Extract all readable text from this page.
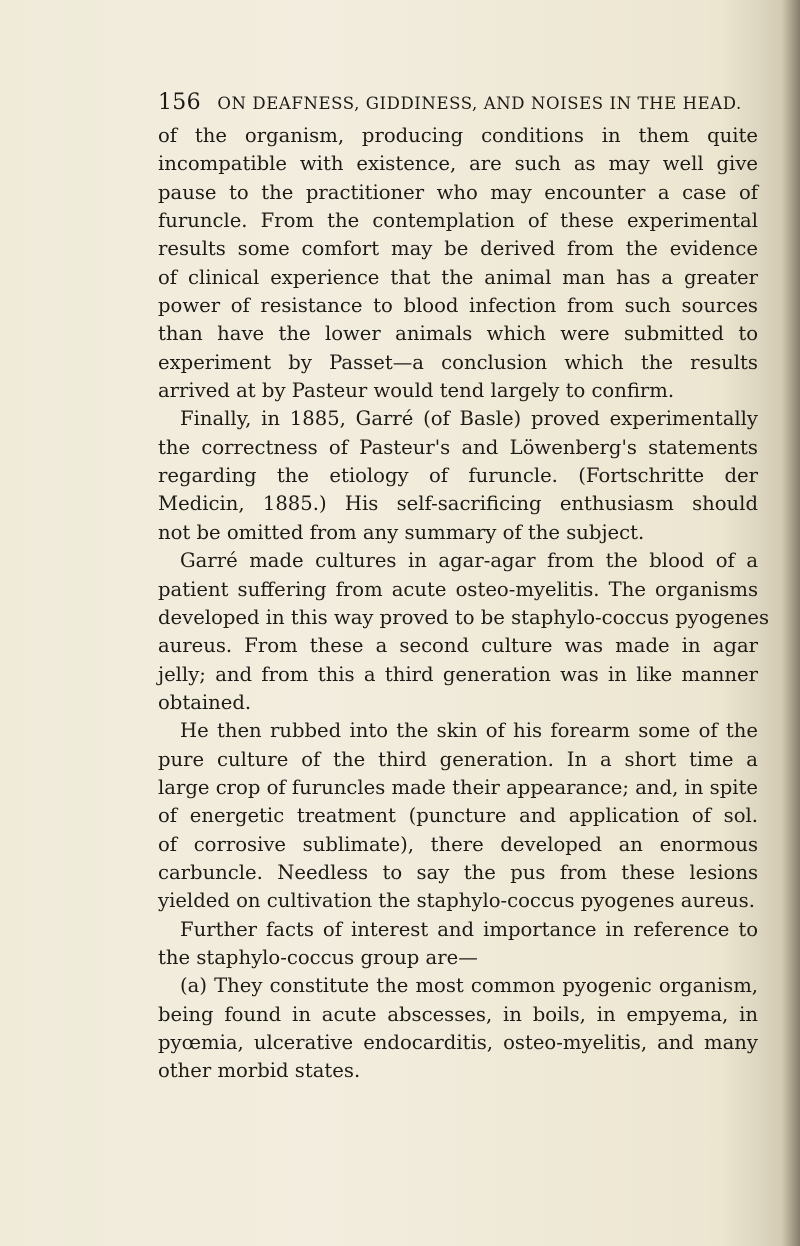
156 ON DEAFNESS, GIDDINESS, AND NOISES IN THE HEAD.
of the organism, producing conditions in them quite
incompatible with existence, are such as may well give
pause to the practitioner who may encounter a case of
furuncle. From the contemplation of these experimental
results some comfort may be derived from the evidence
of clinical experience that the animal man has a greater
power of resistance to blood infection from such sources
than have the lower animals which were submitted to
experiment by Passet—a conclusion which the results
arrived at by Pasteur would tend largely to confirm.
Finally, in 1885, Garré (of Basle) proved experimentally
the correctness of Pasteur's and Löwenberg's statements
regarding the etiology of furuncle. (Fortschritte der
Medicin, 1885.) His self-sacrificing enthusiasm should
not be omitted from any summary of the subject.
Garré made cultures in agar-agar from the blood of a
patient suffering from acute osteo-myelitis. The organisms
developed in this way proved to be staphylo-coccus pyogenes
aureus. From these a second culture was made in agar
jelly; and from this a third generation was in like manner
obtained.
He then rubbed into the skin of his forearm some of the
pure culture of the third generation. In a short time a
large crop of furuncles made their appearance; and, in spite
of energetic treatment (puncture and application of sol.
of corrosive sublimate), there developed an enormous
carbuncle. Needless to say the pus from these lesions
yielded on cultivation the staphylo-coccus pyogenes aureus.
Further facts of interest and importance in reference to
the staphylo-coccus group are—
(a) They constitute the most common pyogenic organism,
being found in acute abscesses, in boils, in empyema, in
pyœmia, ulcerative endocarditis, osteo-myelitis, and many
other morbid states.
